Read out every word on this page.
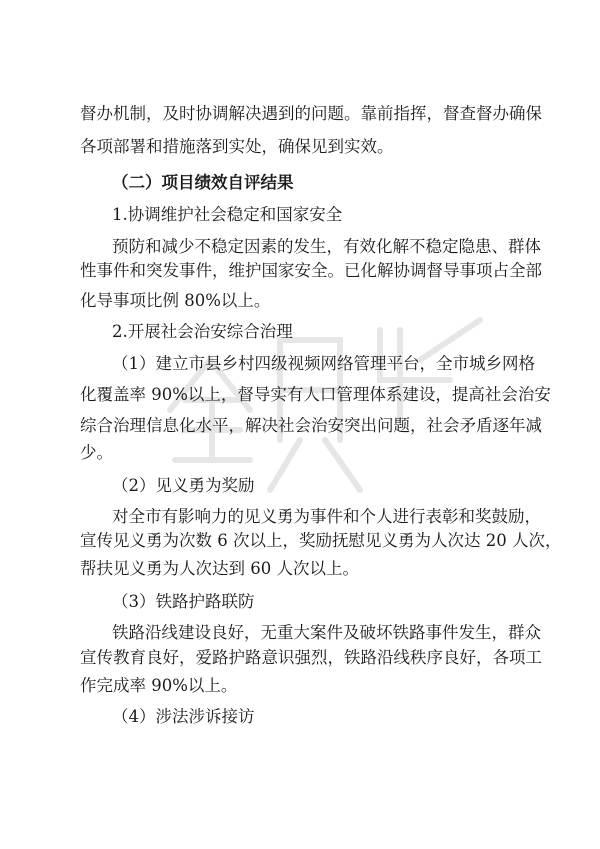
督办机制，及时协调解决遇到的问题。靠前指挥，督查督办确保
各项部署和措施落到实处，确保见到实效。
（二）项目绩效自评结果
1.协调维护社会稳定和国家安全
预防和减少不稳定因素的发生，有效化解不稳定隐患、群体
性事件和突发事件，维护国家安全。已化解协调督导事项占全部
化导事项比例 80%以上。
2.开展社会治安综合治理
（1）建立市县乡村四级视频网络管理平台，全市城乡网格
化覆盖率 90%以上，督导实有人口管理体系建设，提高社会治安
综合治理信息化水平，解决社会治安突出问题，社会矛盾逐年减
少。
（2）见义勇为奖励
对全市有影响力的见义勇为事件和个人进行表彰和奖鼓励，
宣传见义勇为次数 6 次以上，奖励抚慰见义勇为人次达 20 人次，
帮扶见义勇为人次达到 60 人次以上。
（3）铁路护路联防
铁路沿线建设良好，无重大案件及破坏铁路事件发生，群众
宣传教育良好，爱路护路意识强烈，铁路沿线秩序良好，各项工
作完成率 90%以上。
（4）涉法涉诉接访
